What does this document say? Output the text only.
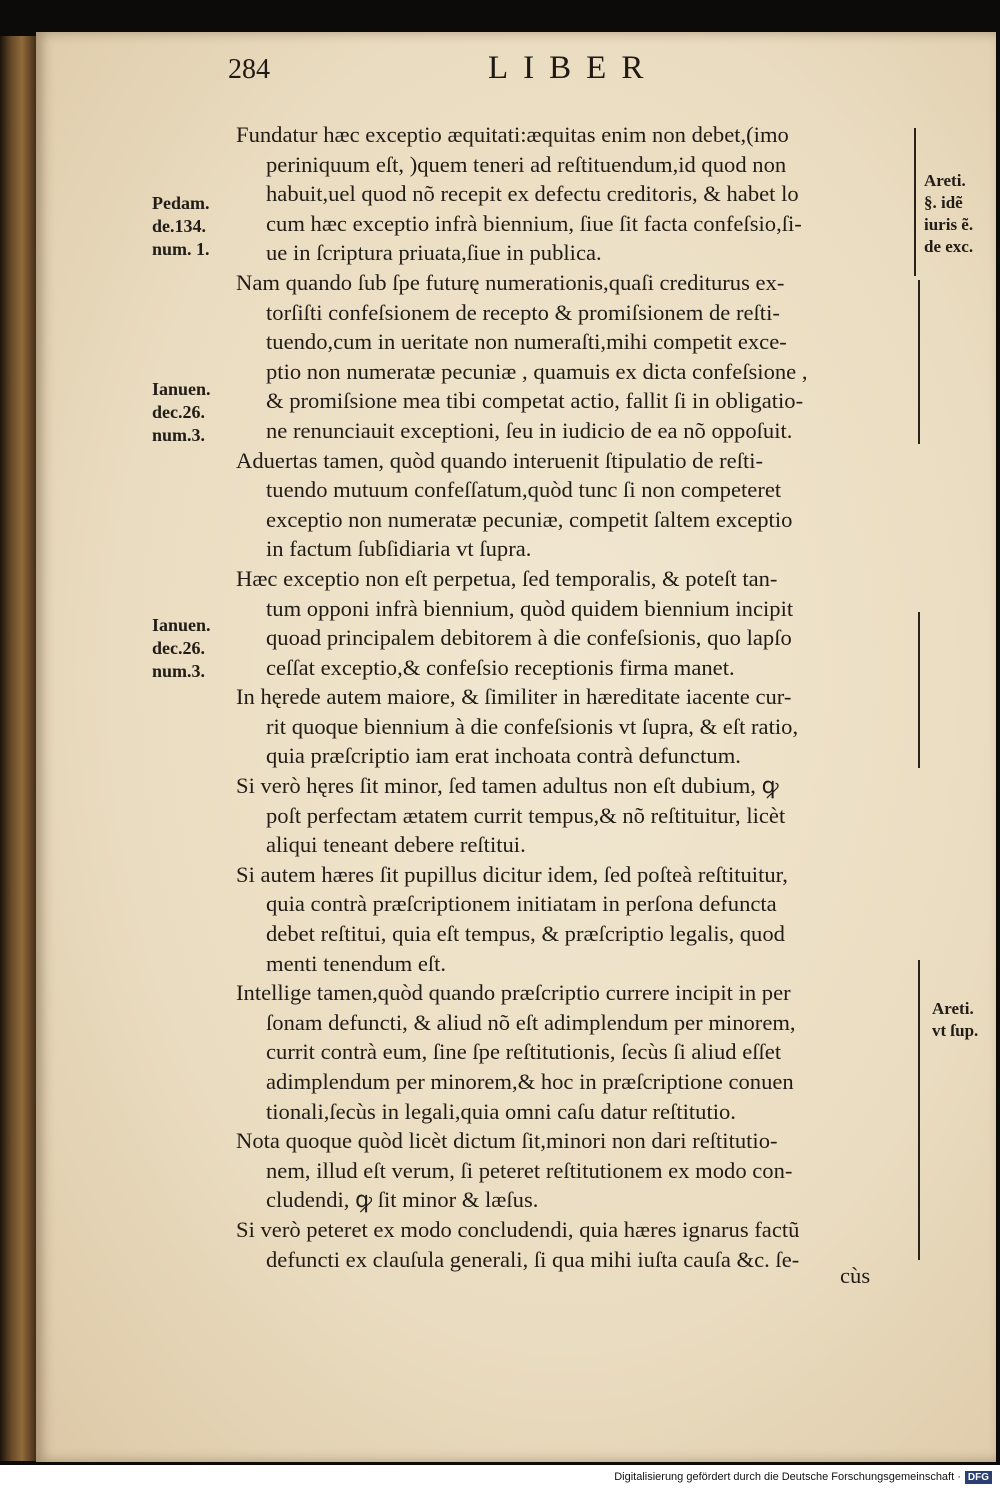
284	LIBER

Fundatur hæc exceptio æquitati:æquitas enim non debet,(imo
periniquum eſt, )quem teneri ad reſtituendum,id quod non
habuit,uel quod nõ recepit ex defectu creditoris, & habet lo
cum hæc exceptio infrà biennium, ſiue ſit facta confeſsio,ſi-
ue in ſcriptura priuata,ſiue in publica.

Nam quando ſub ſpe futurę numerationis,quaſi crediturus ex-
torſiſti confeſsionem de recepto & promiſsionem de reſti-
tuendo,cum in ueritate non numeraſti,mihi competit exce-
ptio non numeratæ pecuniæ , quamuis ex dicta confeſsione ,
& promiſsione mea tibi competat actio, fallit ſi in obligatio-
ne renunciauit exceptioni, ſeu in iudicio de ea nõ oppoſuit.

Aduertas tamen, quòd quando interuenit ſtipulatio de reſti-
tuendo mutuum confeſſatum,quòd tunc ſi non competeret
exceptio non numeratæ pecuniæ, competit ſaltem exceptio
in factum ſubſidiaria vt ſupra.

Hæc exceptio non eſt perpetua, ſed temporalis, & poteſt tan-
tum opponi infrà biennium, quòd quidem biennium incipit
quoad principalem debitorem à die confeſsionis, quo lapſo
ceſſat exceptio,& confeſsio receptionis firma manet.

In hęrede autem maiore, & ſimiliter in hæreditate iacente cur-
rit quoque biennium à die confeſsionis vt ſupra, & eſt ratio,
quia præſcriptio iam erat inchoata contrà defunctum.

Si verò hęres ſit minor, ſed tamen adultus non eſt dubium, ꝙ
poſt perfectam ætatem currit tempus,& nõ reſtituitur, licèt
aliqui teneant debere reſtitui.

Si autem hæres ſit pupillus dicitur idem, ſed poſteà reſtituitur,
quia contrà præſcriptionem initiatam in perſona defuncta
debet reſtitui, quia eſt tempus, & præſcriptio legalis, quod
menti tenendum eſt.

Intellige tamen,quòd quando præſcriptio currere incipit in per
ſonam defuncti, & aliud nõ eſt adimplendum per minorem,
currit contrà eum, ſine ſpe reſtitutionis, ſecùs ſi aliud eſſet
adimplendum per minorem,& hoc in præſcriptione conuen
tionali,ſecùs in legali,quia omni caſu datur reſtitutio.

Nota quoque quòd licèt dictum ſit,minori non dari reſtitutio-
nem, illud eſt verum, ſi peteret reſtitutionem ex modo con-
cludendi, ꝙ ſit minor & læſus.

Si verò peteret ex modo concludendi, quia hæres ignarus factũ
defuncti ex clauſula generali, ſi qua mihi iuſta cauſa &c. ſe-

cùs
Pedam.
de.134.
num. 1.
Ianuen.
dec.26.
num.3.
Ianuen.
dec.26.
num.3.
Areti.
§. idẽ
iuris ẽ.
de exc.
Areti.
vt ſup.
Digitalisierung gefördert durch die Deutsche Forschungsgemeinschaft · DFG
